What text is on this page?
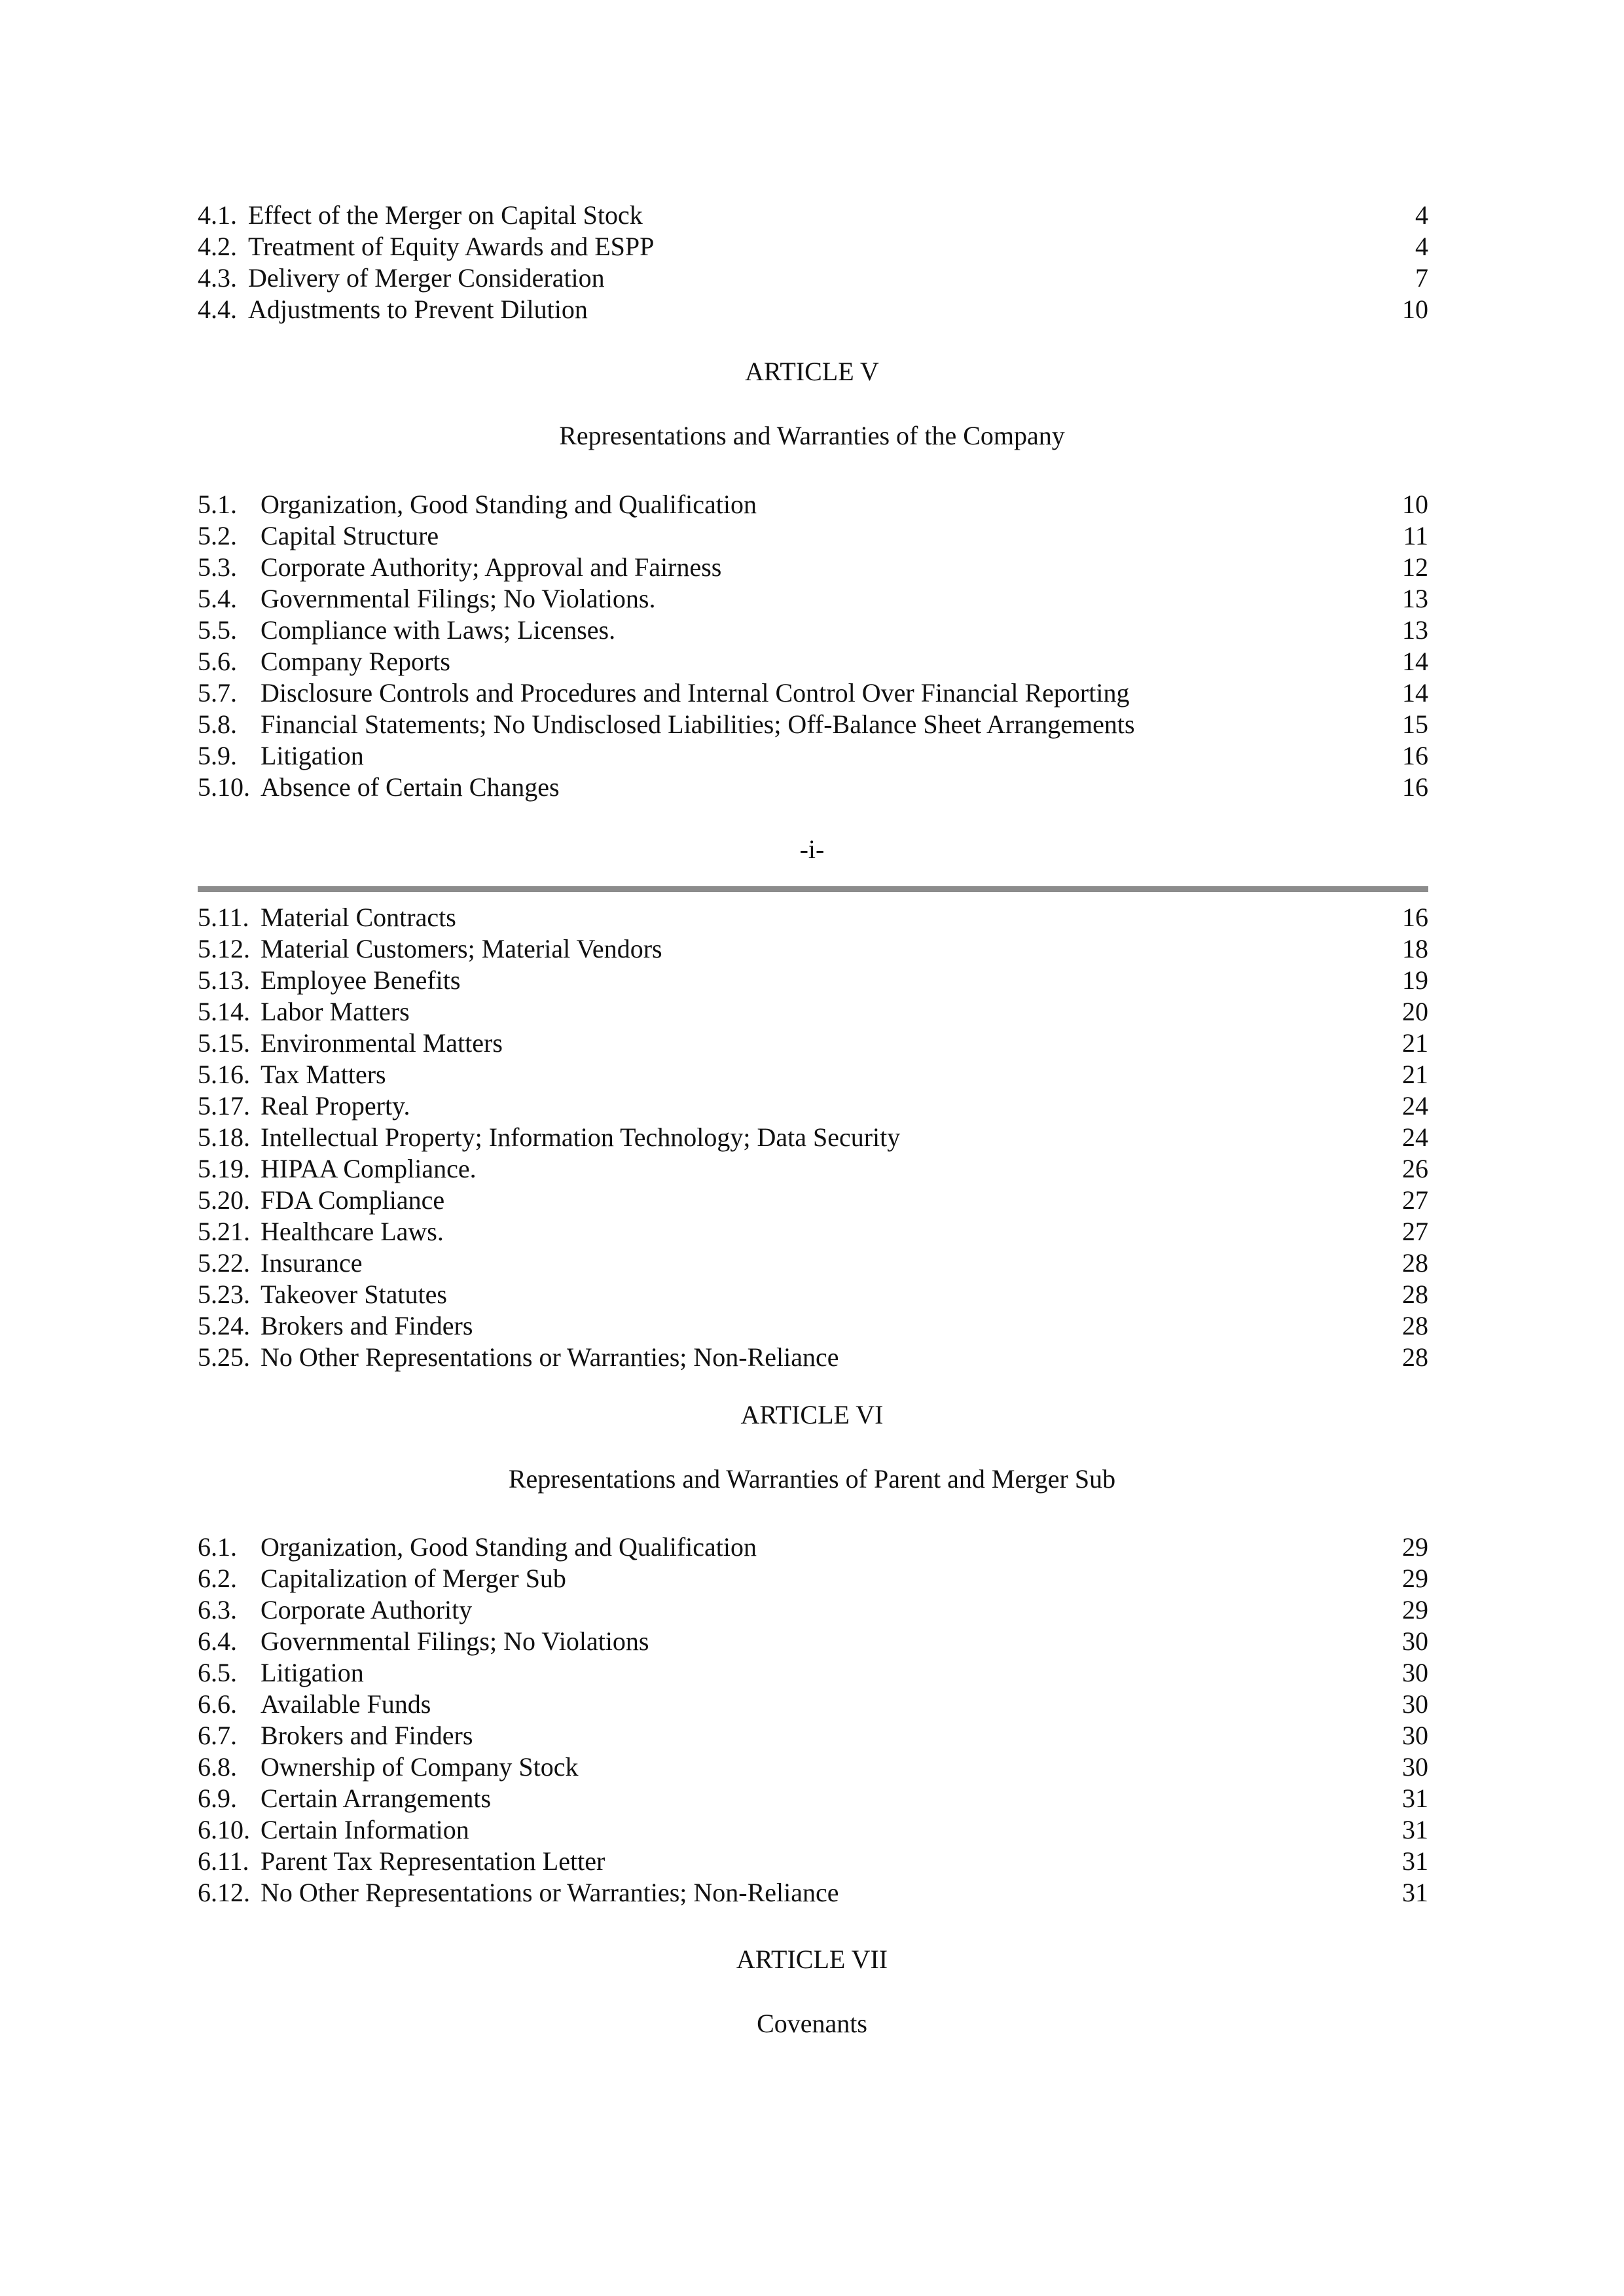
4.1. Effect of the Merger on Capital Stock	4
4.2. Treatment of Equity Awards and ESPP	4
4.3. Delivery of Merger Consideration	7
4.4. Adjustments to Prevent Dilution	10
ARTICLE V
Representations and Warranties of the Company
5.1. Organization, Good Standing and Qualification	10
5.2. Capital Structure	11
5.3. Corporate Authority; Approval and Fairness	12
5.4. Governmental Filings; No Violations.	13
5.5. Compliance with Laws; Licenses.	13
5.6. Company Reports	14
5.7. Disclosure Controls and Procedures and Internal Control Over Financial Reporting	14
5.8. Financial Statements; No Undisclosed Liabilities; Off-Balance Sheet Arrangements	15
5.9. Litigation	16
5.10. Absence of Certain Changes	16
-i-
5.11. Material Contracts	16
5.12. Material Customers; Material Vendors	18
5.13. Employee Benefits	19
5.14. Labor Matters	20
5.15. Environmental Matters	21
5.16. Tax Matters	21
5.17. Real Property.	24
5.18. Intellectual Property; Information Technology; Data Security	24
5.19. HIPAA Compliance.	26
5.20. FDA Compliance	27
5.21. Healthcare Laws.	27
5.22. Insurance	28
5.23. Takeover Statutes	28
5.24. Brokers and Finders	28
5.25. No Other Representations or Warranties; Non-Reliance	28
ARTICLE VI
Representations and Warranties of Parent and Merger Sub
6.1. Organization, Good Standing and Qualification	29
6.2. Capitalization of Merger Sub	29
6.3. Corporate Authority	29
6.4. Governmental Filings; No Violations	30
6.5. Litigation	30
6.6. Available Funds	30
6.7. Brokers and Finders	30
6.8. Ownership of Company Stock	30
6.9. Certain Arrangements	31
6.10. Certain Information	31
6.11. Parent Tax Representation Letter	31
6.12. No Other Representations or Warranties; Non-Reliance	31
ARTICLE VII
Covenants
